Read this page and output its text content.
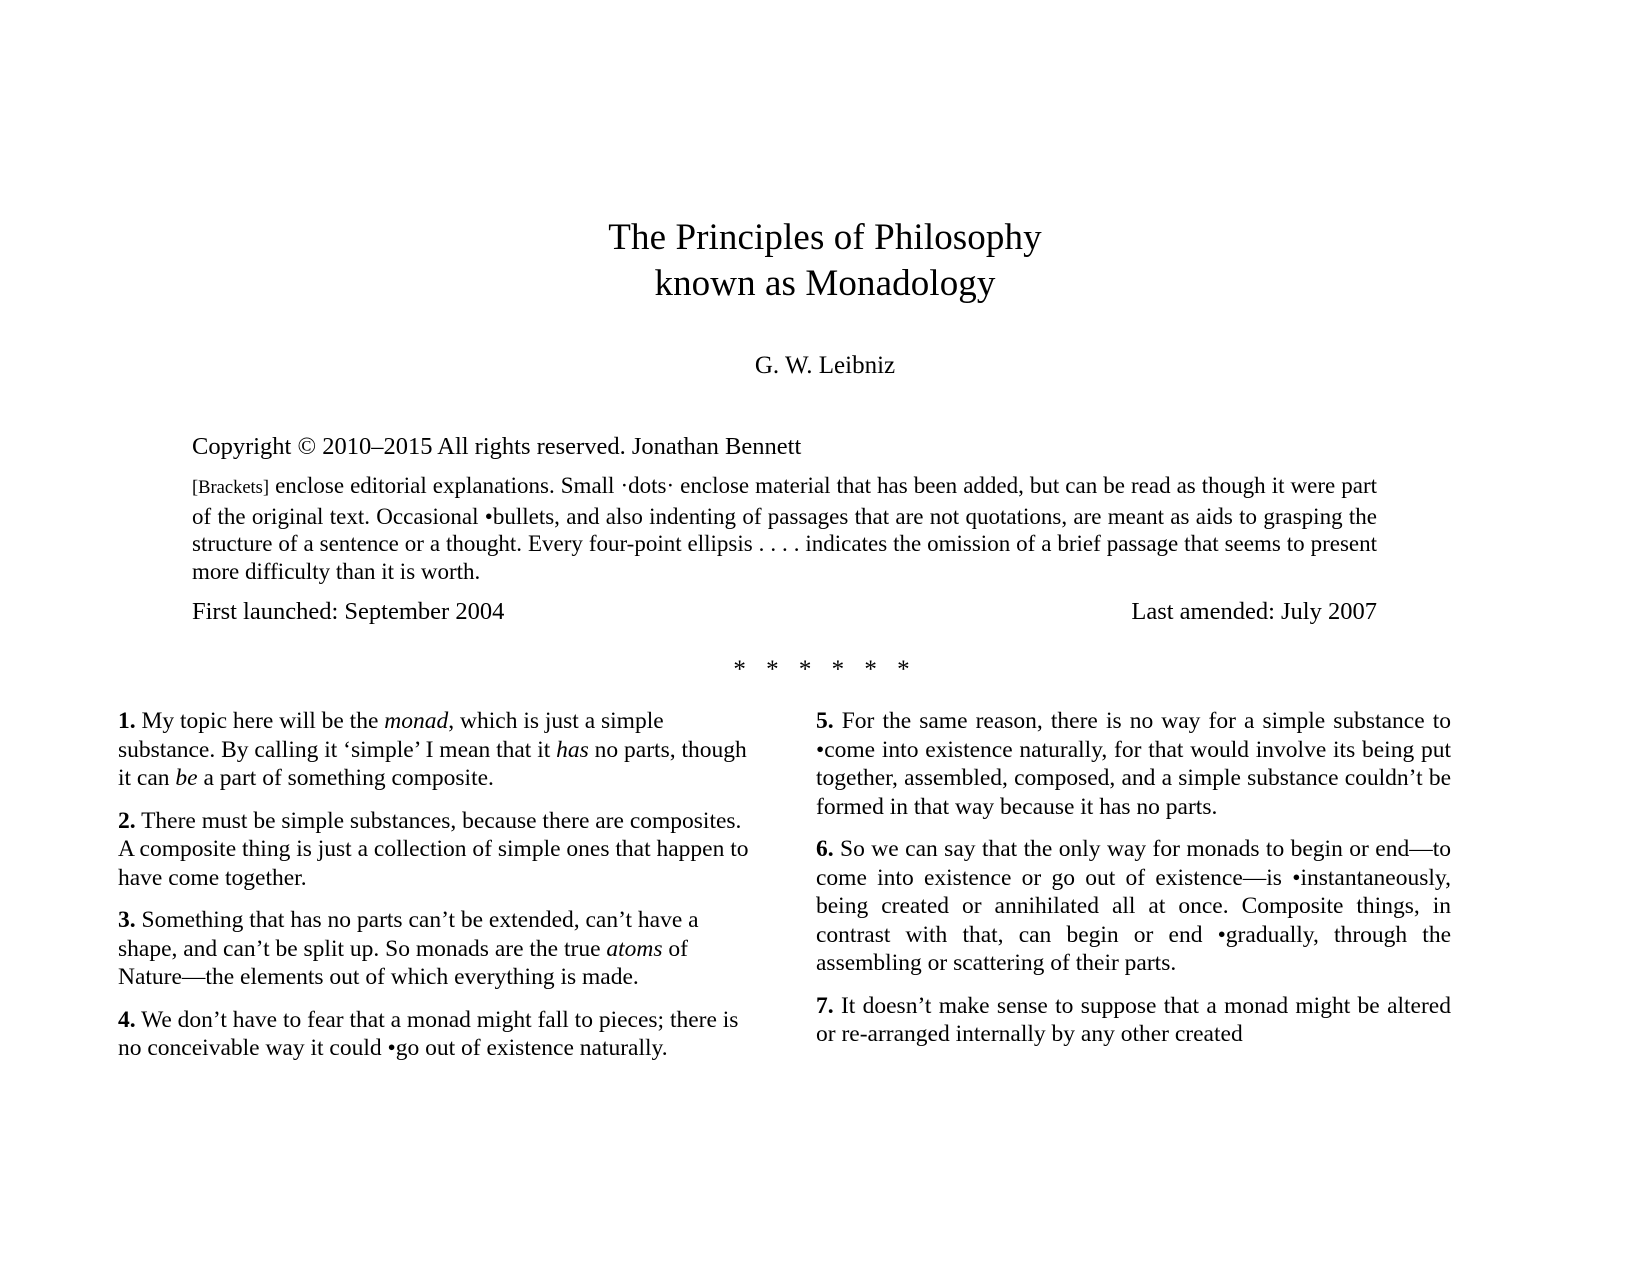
The Principles of Philosophy
known as Monadology
G. W. Leibniz
Copyright © 2010–2015 All rights reserved. Jonathan Bennett
[Brackets] enclose editorial explanations. Small ·dots· enclose material that has been added, but can be read as though it were part of the original text. Occasional •bullets, and also indenting of passages that are not quotations, are meant as aids to grasping the structure of a sentence or a thought. Every four-point ellipsis . . . . indicates the omission of a brief passage that seems to present more difficulty than it is worth.
First launched: September 2004	Last amended: July 2007
* * * * * *
1. My topic here will be the monad, which is just a simple substance. By calling it ‘simple’ I mean that it has no parts, though it can be a part of something composite.
2. There must be simple substances, because there are composites. A composite thing is just a collection of simple ones that happen to have come together.
3. Something that has no parts can’t be extended, can’t have a shape, and can’t be split up. So monads are the true atoms of Nature—the elements out of which everything is made.
4. We don’t have to fear that a monad might fall to pieces; there is no conceivable way it could •go out of existence naturally.
5. For the same reason, there is no way for a simple substance to •come into existence naturally, for that would involve its being put together, assembled, composed, and a simple substance couldn’t be formed in that way because it has no parts.
6. So we can say that the only way for monads to begin or end—to come into existence or go out of existence—is •instantaneously, being created or annihilated all at once. Composite things, in contrast with that, can begin or end •gradually, through the assembling or scattering of their parts.
7. It doesn’t make sense to suppose that a monad might be altered or re-arranged internally by any other created
